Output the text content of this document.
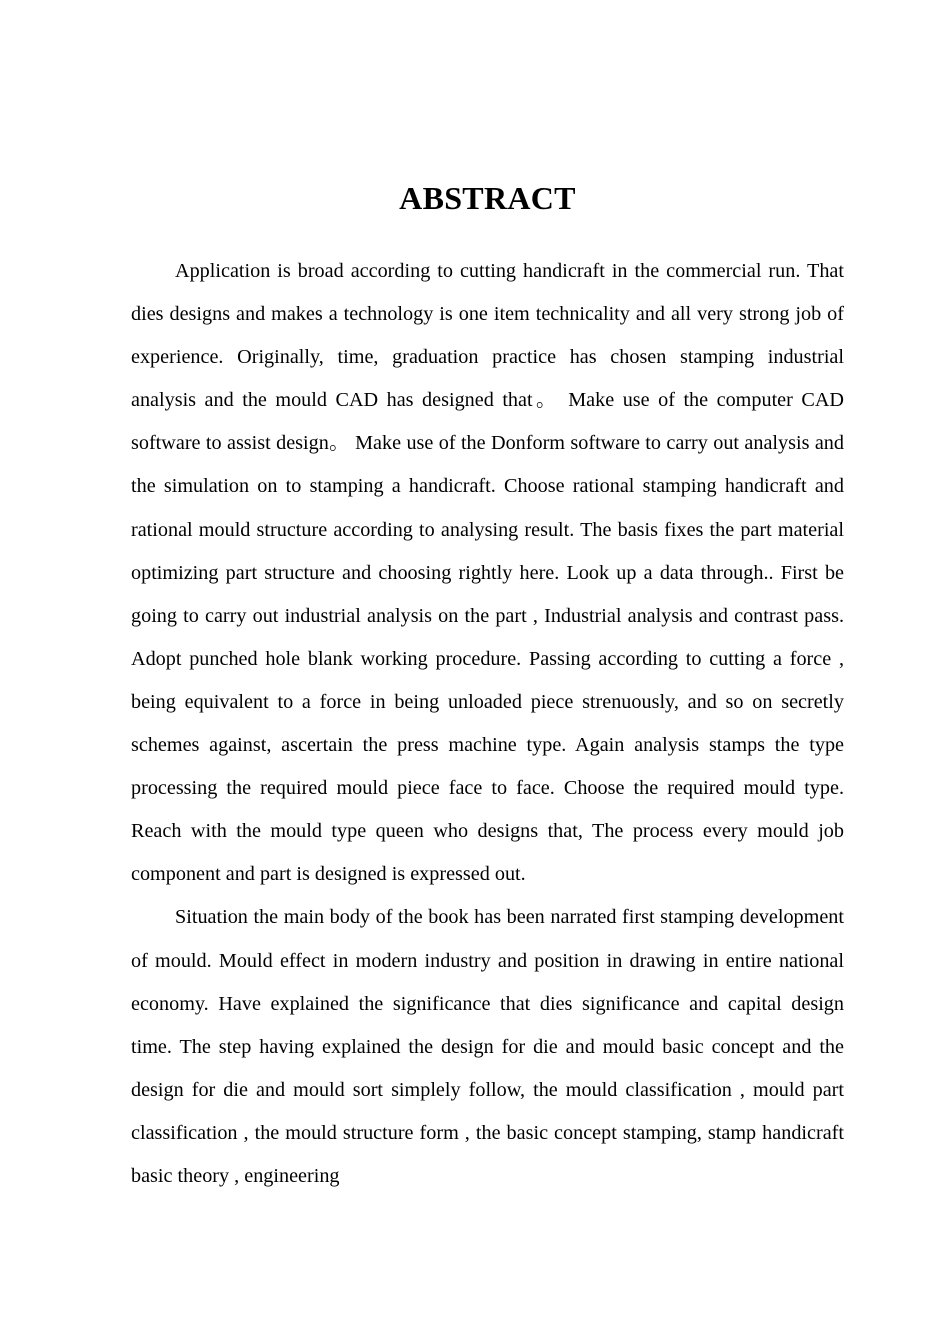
ABSTRACT

Application is broad according to cutting handicraft in the commercial run. That dies designs and makes a technology is one item technicality and all very strong job of experience. Originally, time, graduation practice has chosen stamping industrial analysis and the mould CAD has designed that。 Make use of the computer CAD software to assist design。 Make use of the Donform software to carry out analysis and the simulation on to stamping a handicraft. Choose rational stamping handicraft and rational mould structure according to analysing result. The basis fixes the part material optimizing part structure and choosing rightly here. Look up a data through.. First be going to carry out industrial analysis on the part , Industrial analysis and contrast pass. Adopt punched hole blank working procedure. Passing according to cutting a force , being equivalent to a force in being unloaded piece strenuously, and so on secretly schemes against, ascertain the press machine type. Again analysis stamps the type processing the required mould piece face to face. Choose the required mould type. Reach with the mould type queen who designs that, The process every mould job component and part is designed is expressed out.

Situation the main body of the book has been narrated first stamping development of mould. Mould effect in modern industry and position in drawing in entire national economy. Have explained the significance that dies significance and capital design time. The step having explained the design for die and mould basic concept and the design for die and mould sort simplely follow, the mould classification , mould part classification , the mould structure form , the basic concept stamping, stamp handicraft basic theory , engineering
